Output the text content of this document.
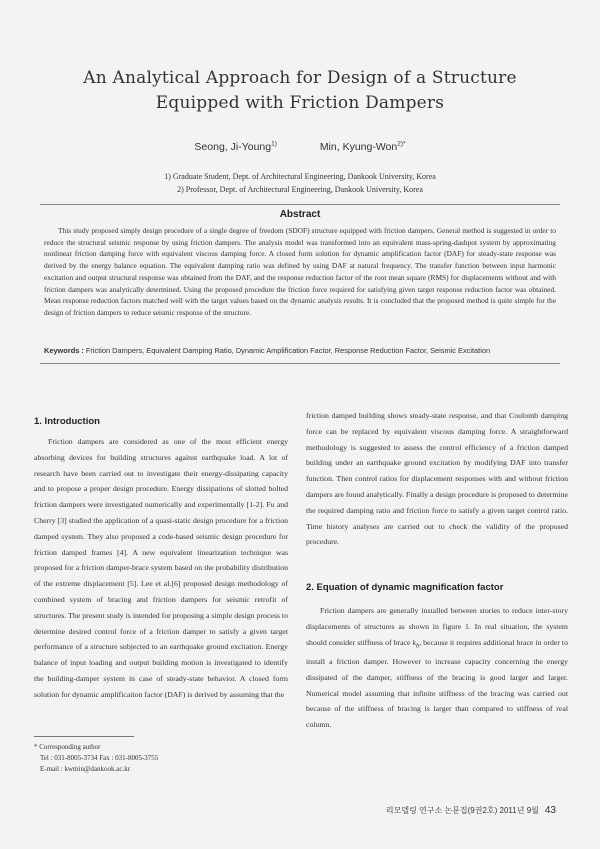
An Analytical Approach for Design of a Structure
Equipped with Friction Dampers
Seong, Ji-Young$^{1)}$	Min, Kyung-Won$^{2)*}$
1) Graduate Student, Dept. of Architectural Engineering, Dankook University, Korea
2) Professor, Dept. of Architectural Engineering, Dankook University, Korea
Abstract
This study proposed simply design procedure of a single degree of freedom (SDOF) structure equipped with friction dampers. General method is suggested in order to reduce the structural seismic response by using friction dampers. The analysis model was transformed into an equivalent mass-spring-dashpot system by approximating nonlinear friction damping force with equivalent viscous damping force. A closed form solution for dynamic amplification factor (DAF) for steady-state response was derived by the energy balance equation. The equivalent damping ratio was defined by using DAF at natural frequency. The transfer function between input harmonic excitation and output structural response was obtained from the DAF, and the response reduction factor of the root mean square (RMS) for displacements without and with friction dampers was analytically determined. Using the proposed procedure the friction force required for satisfying given target response reduction factor was obtained. Mean response reduction factors matched well with the target values based on the dynamic analysis results. It is concluded that the proposed method is quite simple for the design of friction dampers to reduce seismic response of the structure.
Keywords : Friction Dampers, Equivalent Damping Ratio, Dynamic Amplification Factor, Response Reduction Factor, Seismic Excitation
1. Introduction

Friction dampers are considered as one of the most efficient energy absorbing devices for building structures against earthquake load. A lot of research have been carried out to investigate their energy-dissipating capacity and to propose a proper design procedure. Energy dissipations of slotted bolted friction dampers were investigated numerically and experimentally [1-2]. Fu and Cherry [3] studied the application of a quasi-static design procedure for a friction damped system. They also proposed a code-based seismic design procedure for friction damped frames [4]. A new equivalent linearization technique was proposed for a friction damper-brace system based on the probability distribution of the extreme displacement [5]. Lee et al.[6] proposed design methodology of combined system of bracing and friction dampers for seismic retrofit of structures. The present study is intended for proposing a simple design process to determine desired control force of a friction damper to satisfy a given target performance of a structure subjected to an earthquake ground excitation. Energy balance of input loading and output building motion is investigated to identify the building-damper system in case of steady-state behavior. A closed form solution for dynamic amplification factor (DAF) is derived by assuming that the

friction damped building shows steady-state response, and that Coulomb damping force can be replaced by equivalent viscous damping force. A straightforward methodology is suggested to assess the control efficiency of a friction damped building under an earthquake ground excitation by modifying DAF into transfer function. Then control ratios for displacement responses with and without friction dampers are found analytically. Finally a design procedure is proposed to determine the required damping ratio and friction force to satisfy a given target control ratio. Time history analyses are carried out to check the validity of the proposed procedure.

2. Equation of dynamic magnification factor

Friction dampers are generally installed between stories to reduce inter-story displacements of structures as shown in figure 1. In real situation, the system should consider stiffness of brace $k_b$, because it requires additional brace in order to install a friction damper. However to increase capacity concerning the energy dissipated of the damper, stiffness of the bracing is good larger and larger. Numerical model assuming that infinite stiffness of the bracing was carried out because of the stiffness of bracing is larger than compared to stiffness of real column.

* Corresponding author
Tel : 031-8005-3734 Fax : 031-8005-3755
E-mail : kwmin@dankook.ac.kr
리모델링 연구소 논문집(9권2호) 2011년 9월 43
